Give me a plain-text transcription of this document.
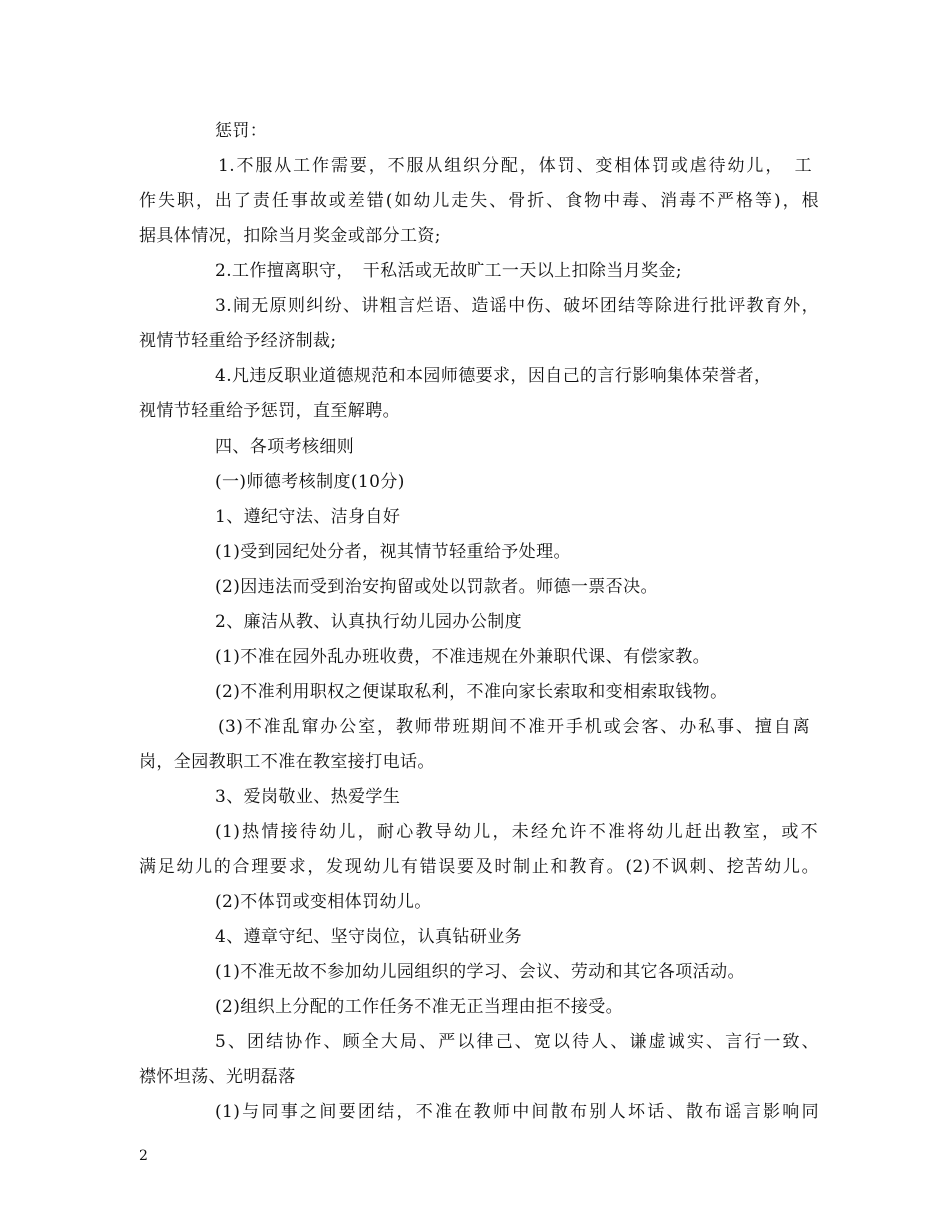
惩罚：
1.不服从工作需要，不服从组织分配，体罚、变相体罚或虐待幼儿，　工
作失职，出了责任事故或差错(如幼儿走失、骨折、食物中毒、消毒不严格等)，根
据具体情况，扣除当月奖金或部分工资;
2.工作擅离职守，　干私活或无故旷工一天以上扣除当月奖金;
3.闹无原则纠纷、讲粗言烂语、造谣中伤、破坏团结等除进行批评教育外，
视情节轻重给予经济制裁;
4.凡违反职业道德规范和本园师德要求，因自己的言行影响集体荣誉者，
视情节轻重给予惩罚，直至解聘。
四、各项考核细则
(一)师德考核制度(10分)
1、遵纪守法、洁身自好
(1)受到园纪处分者，视其情节轻重给予处理。
(2)因违法而受到治安拘留或处以罚款者。师德一票否决。
2、廉洁从教、认真执行幼儿园办公制度
(1)不准在园外乱办班收费，不准违规在外兼职代课、有偿家教。
(2)不准利用职权之便谋取私利，不准向家长索取和变相索取钱物。
(3)不准乱窜办公室，教师带班期间不准开手机或会客、办私事、擅自离
岗，全园教职工不准在教室接打电话。
3、爱岗敬业、热爱学生
(1)热情接待幼儿，耐心教导幼儿，未经允许不准将幼儿赶出教室，或不
满足幼儿的合理要求，发现幼儿有错误要及时制止和教育。(2)不讽刺、挖苦幼儿。
(2)不体罚或变相体罚幼儿。
4、遵章守纪、坚守岗位，认真钻研业务
(1)不准无故不参加幼儿园组织的学习、会议、劳动和其它各项活动。
(2)组织上分配的工作任务不准无正当理由拒不接受。
5、团结协作、顾全大局、严以律己、宽以待人、谦虚诚实、言行一致、
襟怀坦荡、光明磊落
(1)与同事之间要团结，不准在教师中间散布别人坏话、散布谣言影响同
2
